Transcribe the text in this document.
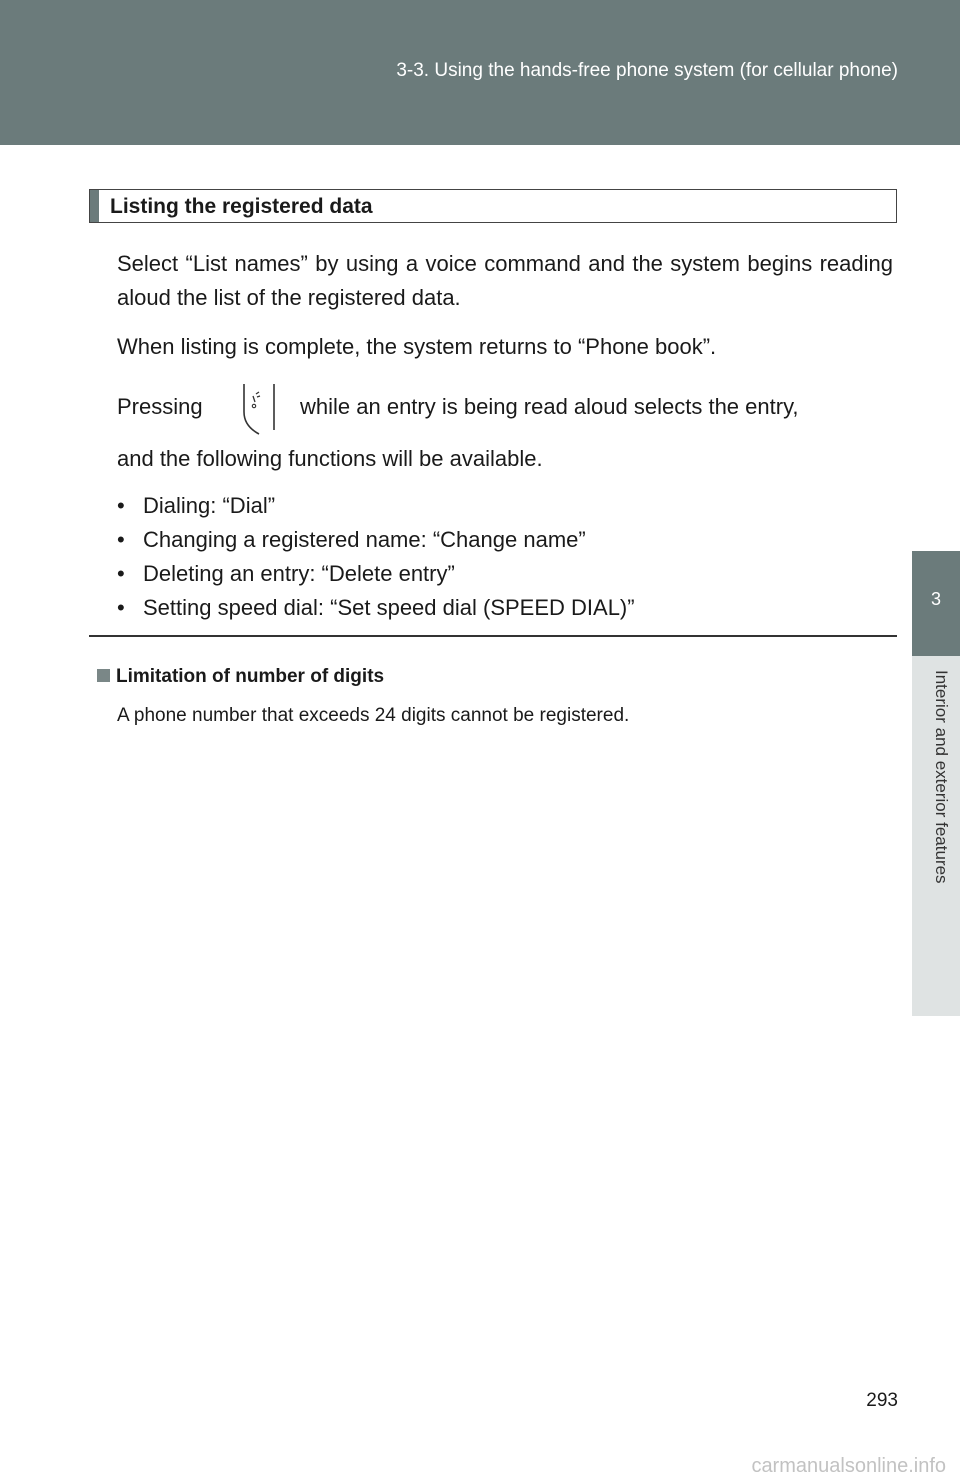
3-3. Using the hands-free phone system (for cellular phone)
3
Interior and exterior features
Listing the registered data

Select “List names” by using a voice command and the system begins reading aloud the list of the registered data.

When listing is complete, the system returns to “Phone book”.

Pressing	while an entry is being read aloud selects the entry,

and the following functions will be available.

• Dialing: “Dial”
• Changing a registered name: “Change name”
• Deleting an entry: “Delete entry”
• Setting speed dial: “Set speed dial (SPEED DIAL)”
Limitation of number of digits
A phone number that exceeds 24 digits cannot be registered.
293
carmanualsonline.info
